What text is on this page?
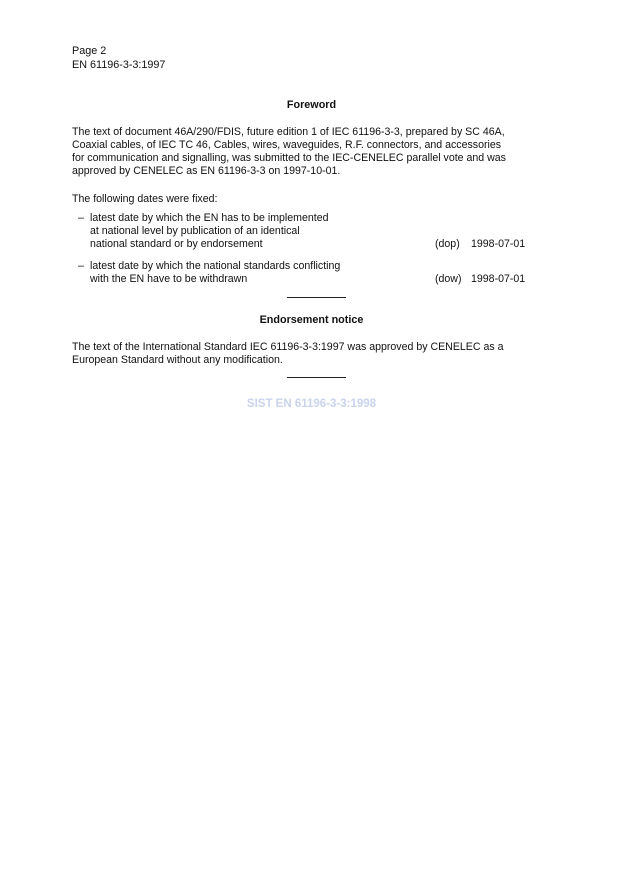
Page 2
EN 61196-3-3:1997
Foreword
The text of document 46A/290/FDIS, future edition 1 of IEC 61196-3-3, prepared by SC 46A,
Coaxial cables, of IEC TC 46, Cables, wires, waveguides, R.F. connectors, and accessories
for communication and signalling, was submitted to the IEC-CENELEC parallel vote and was
approved by CENELEC as EN 61196-3-3 on 1997-10-01.
The following dates were fixed:
– latest date by which the EN has to be implemented
at national level by publication of an identical
national standard or by endorsement	(dop) 1998-07-01
– latest date by which the national standards conflicting
with the EN have to be withdrawn	(dow) 1998-07-01
Endorsement notice
The text of the International Standard IEC 61196-3-3:1997 was approved by CENELEC as a
European Standard without any modification.
SIST EN 61196-3-3:1998
